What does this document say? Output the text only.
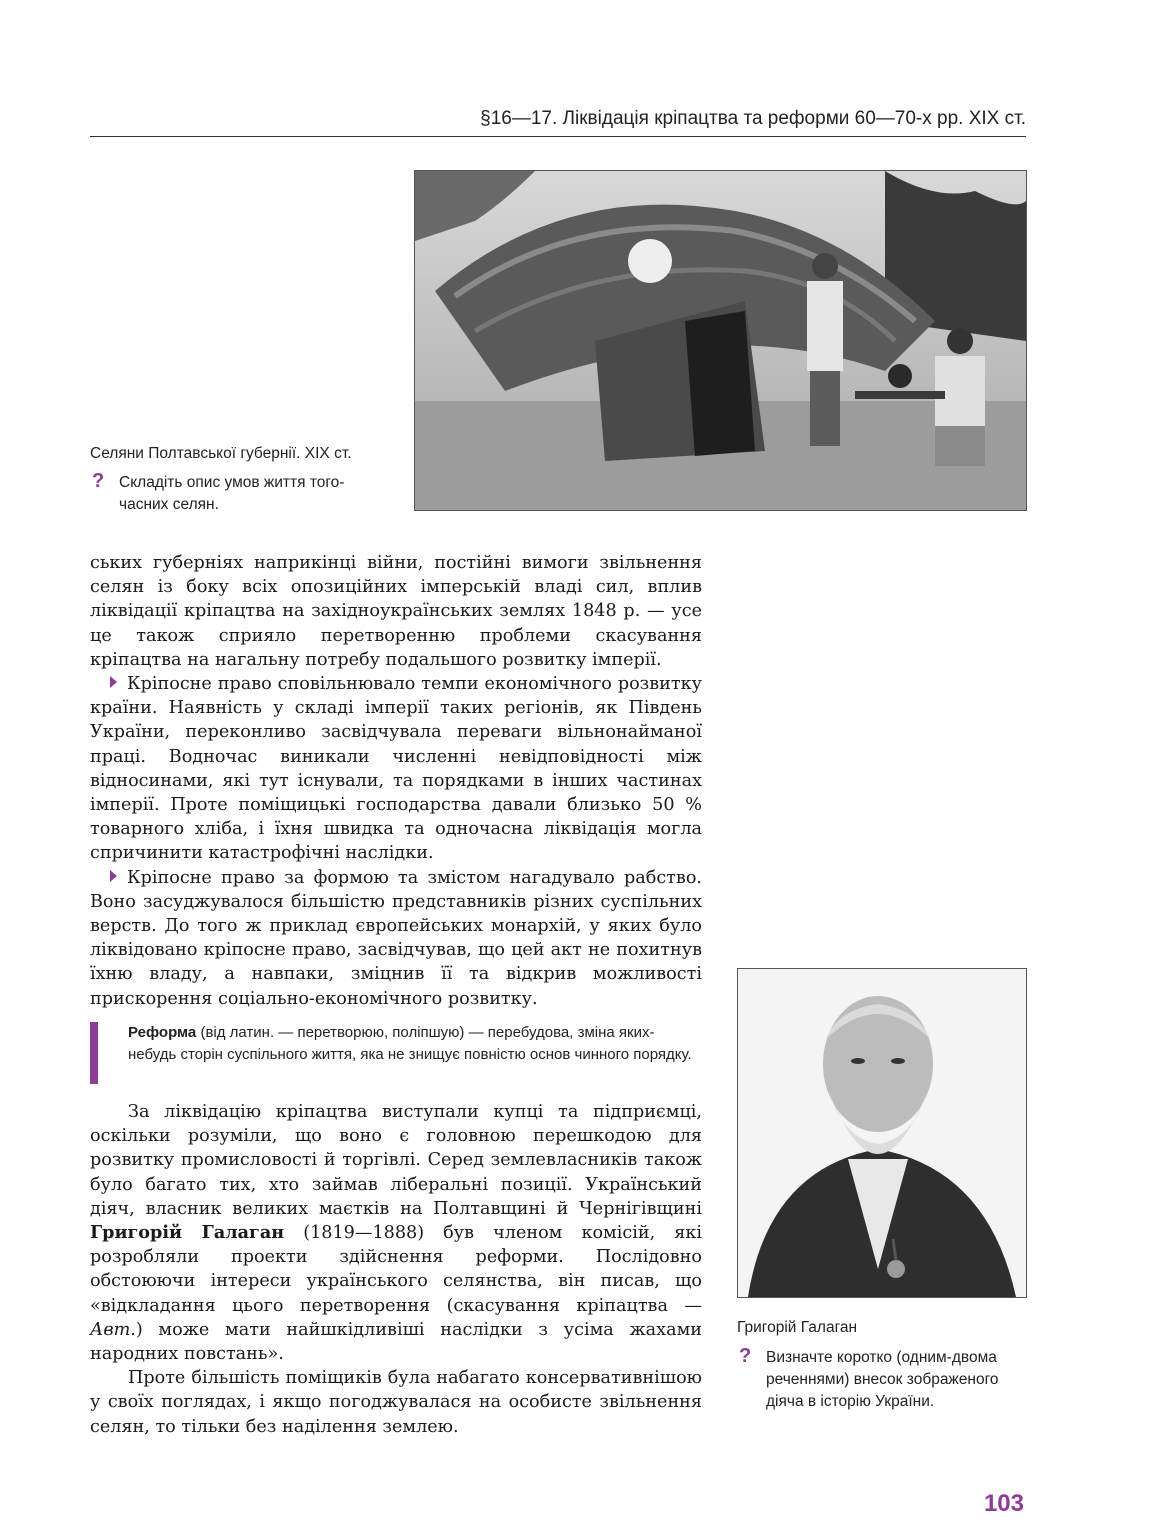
§16—17. Ліквідація кріпацтва та реформи 60—70-х рр. XIX ст.
Селяни Полтавської губернії. XIX ст.
? Складіть опис умов життя того-
часних селян.

ських губерніях наприкінці війни, постійні вимоги звільнення селян із боку всіх опозиційних імперській владі сил, вплив ліквідації кріпацтва на західноукраїнських землях 1848 р. — усе це також сприяло перетворенню проблеми скасування кріпацтва на нагальну потребу подальшого розвитку імперії.

Кріпосне право сповільнювало темпи економічного розвитку країни. Наявність у складі імперії таких регіонів, як Південь України, переконливо засвідчувала переваги вільнонайманої праці. Водночас виникали численні невідповідності між відносинами, які тут існували, та порядками в інших частинах імперії. Проте поміщицькі господарства давали близько 50 % товарного хліба, і їхня швидка та одночасна ліквідація могла спричинити катастрофічні наслідки.

Кріпосне право за формою та змістом нагадувало рабство. Воно засуджувалося більшістю представників різних суспільних верств. До того ж приклад європейських монархій, у яких було ліквідовано кріпосне право, засвідчував, що цей акт не похитнув їхню владу, а навпаки, зміцнив її та відкрив можливості прискорення соціально-економічного розвитку.

Реформа (від латин. — перетворюю, поліпшую) — перебудова, зміна яких-небудь сторін суспільного життя, яка не знищує повністю основ чинного порядку.

За ліквідацію кріпацтва виступали купці та підприємці, оскільки розуміли, що воно є головною перешкодою для розвитку промисловості й торгівлі. Серед землевласників також було багато тих, хто займав ліберальні позиції. Український діяч, власник великих маєтків на Полтавщині й Чернігівщині Григорій Галаган (1819—1888) був членом комісій, які розробляли проекти здійснення реформи. Послідовно обстоюючи інтереси українського селянства, він писав, що «відкладання цього перетворення (скасування кріпацтва — Авт.) може мати найшкідливіші наслідки з усіма жахами народних повстань».

Проте більшість поміщиків була набагато консервативнішою у своїх поглядах, і якщо погоджувалася на особисте звільнення селян, то тільки без наділення землею.

Григорій Галаган
? Визначте коротко (одним-двома
реченнями) внесок зображеного
діяча в історію України.
103
